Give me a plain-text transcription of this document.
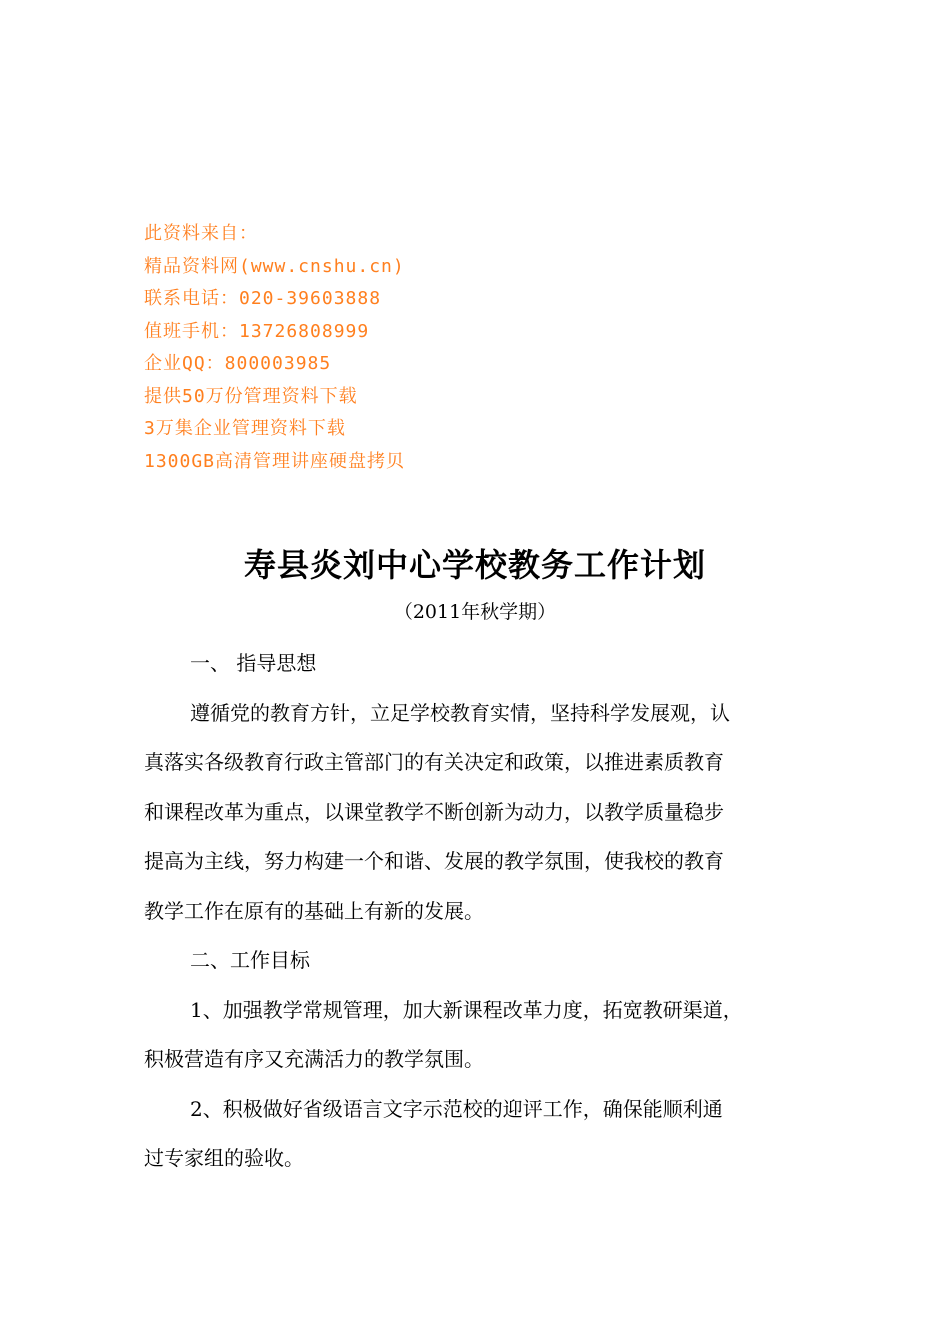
此资料来自：
精品资料网(www.cnshu.cn)
联系电话：020-39603888
值班手机：13726808999
企业QQ：800003985
提供50万份管理资料下载
3万集企业管理资料下载
1300GB高清管理讲座硬盘拷贝
寿县炎刘中心学校教务工作计划
（2011年秋学期）
一、 指导思想
遵循党的教育方针，立足学校教育实情，坚持科学发展观，认
真落实各级教育行政主管部门的有关决定和政策，以推进素质教育
和课程改革为重点，以课堂教学不断创新为动力，以教学质量稳步
提高为主线，努力构建一个和谐、发展的教学氛围，使我校的教育
教学工作在原有的基础上有新的发展。
二、工作目标
1、加强教学常规管理，加大新课程改革力度，拓宽教研渠道，
积极营造有序又充满活力的教学氛围。
2、积极做好省级语言文字示范校的迎评工作，确保能顺利通
过专家组的验收。
